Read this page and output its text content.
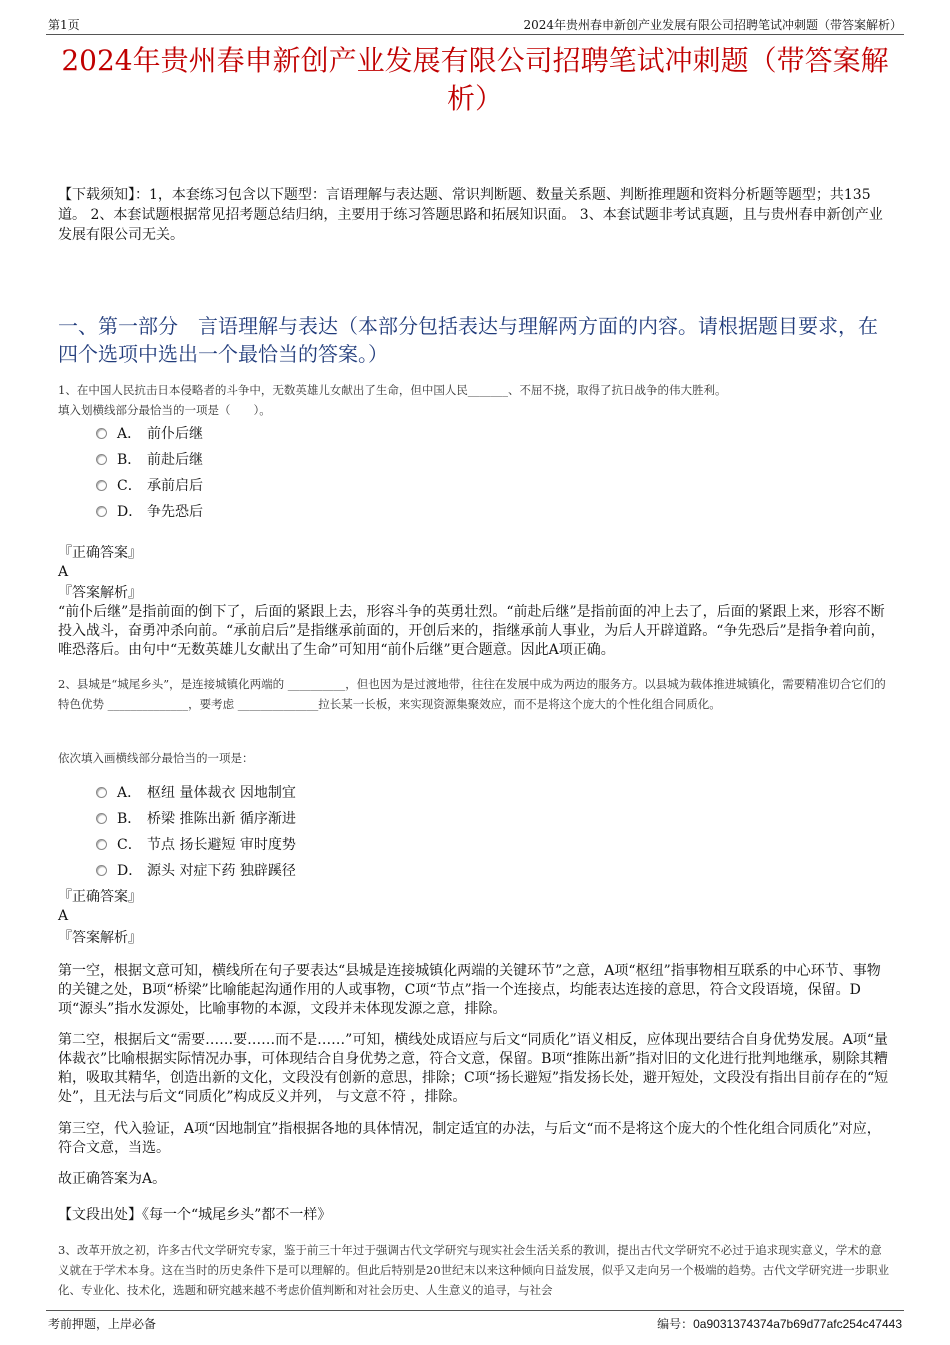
第1页	2024年贵州春申新创产业发展有限公司招聘笔试冲刺题（带答案解析）
2024年贵州春申新创产业发展有限公司招聘笔试冲刺题（带答案解析）
【下载须知】：1，本套练习包含以下题型：言语理解与表达题、常识判断题、数量关系题、判断推理题和资料分析题等题型；共135道。 2、本套试题根据常见招考题总结归纳，主要用于练习答题思路和拓展知识面。 3、本套试题非考试真题，且与贵州春申新创产业发展有限公司无关。
一、第一部分　言语理解与表达（本部分包括表达与理解两方面的内容。请根据题目要求，在四个选项中选出一个最恰当的答案。）
1、在中国人民抗击日本侵略者的斗争中，无数英雄儿女献出了生命，但中国人民_______、不屈不挠，取得了抗日战争的伟大胜利。
填入划横线部分最恰当的一项是（　　）。
A． 前仆后继
B． 前赴后继
C． 承前启后
D． 争先恐后
『正确答案』
A
『答案解析』
“前仆后继”是指前面的倒下了，后面的紧跟上去，形容斗争的英勇壮烈。“前赴后继”是指前面的冲上去了，后面的紧跟上来，形容不断投入战斗，奋勇冲杀向前。“承前启后”是指继承前面的，开创后来的，指继承前人事业，为后人开辟道路。“争先恐后”是指争着向前，唯恐落后。由句中“无数英雄儿女献出了生命”可知用“前仆后继”更合题意。因此A项正确。
2、县城是“城尾乡头”，是连接城镇化两端的 __________，但也因为是过渡地带，往往在发展中成为两边的服务方。以县城为载体推进城镇化，需要精准切合它们的特色优势 ______________，要考虑 ______________拉长某一长板，来实现资源集聚效应，而不是将这个庞大的个性化组合同质化。
依次填入画横线部分最恰当的一项是：
A． 枢纽 量体裁衣 因地制宜
B． 桥梁 推陈出新 循序渐进
C． 节点 扬长避短 审时度势
D． 源头 对症下药 独辟蹊径
『正确答案』
A
『答案解析』
第一空，根据文意可知，横线所在句子要表达“县城是连接城镇化两端的关键环节”之意，A项“枢纽”指事物相互联系的中心环节、事物的关键之处，B项“桥梁”比喻能起沟通作用的人或事物，C项“节点”指一个连接点，均能表达连接的意思，符合文段语境，保留。D项“源头”指水发源处，比喻事物的本源，文段并未体现发源之意，排除。
第二空，根据后文“需要……要……而不是……”可知，横线处成语应与后文“同质化”语义相反，应体现出要结合自身优势发展。A项“量体裁衣”比喻根据实际情况办事，可体现结合自身优势之意，符合文意，保留。B项“推陈出新”指对旧的文化进行批判地继承，剔除其糟粕，吸取其精华，创造出新的文化，文段没有创新的意思，排除；C项“扬长避短”指发扬长处，避开短处，文段没有指出目前存在的“短处”，且无法与后文“同质化”构成反义并列， 与文意不符 ，排除。
第三空，代入验证，A项“因地制宜”指根据各地的具体情况，制定适宜的办法，与后文“而不是将这个庞大的个性化组合同质化”对应，符合文意，当选。
故正确答案为A。
【文段出处】《每一个“城尾乡头”都不一样》
3、改革开放之初，许多古代文学研究专家，鉴于前三十年过于强调古代文学研究与现实社会生活关系的教训，提出古代文学研究不必过于追求现实意义，学术的意义就在于学术本身。这在当时的历史条件下是可以理解的。但此后特别是20世纪末以来这种倾向日益发展，似乎又走向另一个极端的趋势。古代文学研究进一步职业化、专业化、技术化，选题和研究越来越不考虑价值判断和对社会历史、人生意义的追寻，与社会
考前押题，上岸必备	编号：0a9031374374a7b69d77afc254c47443
